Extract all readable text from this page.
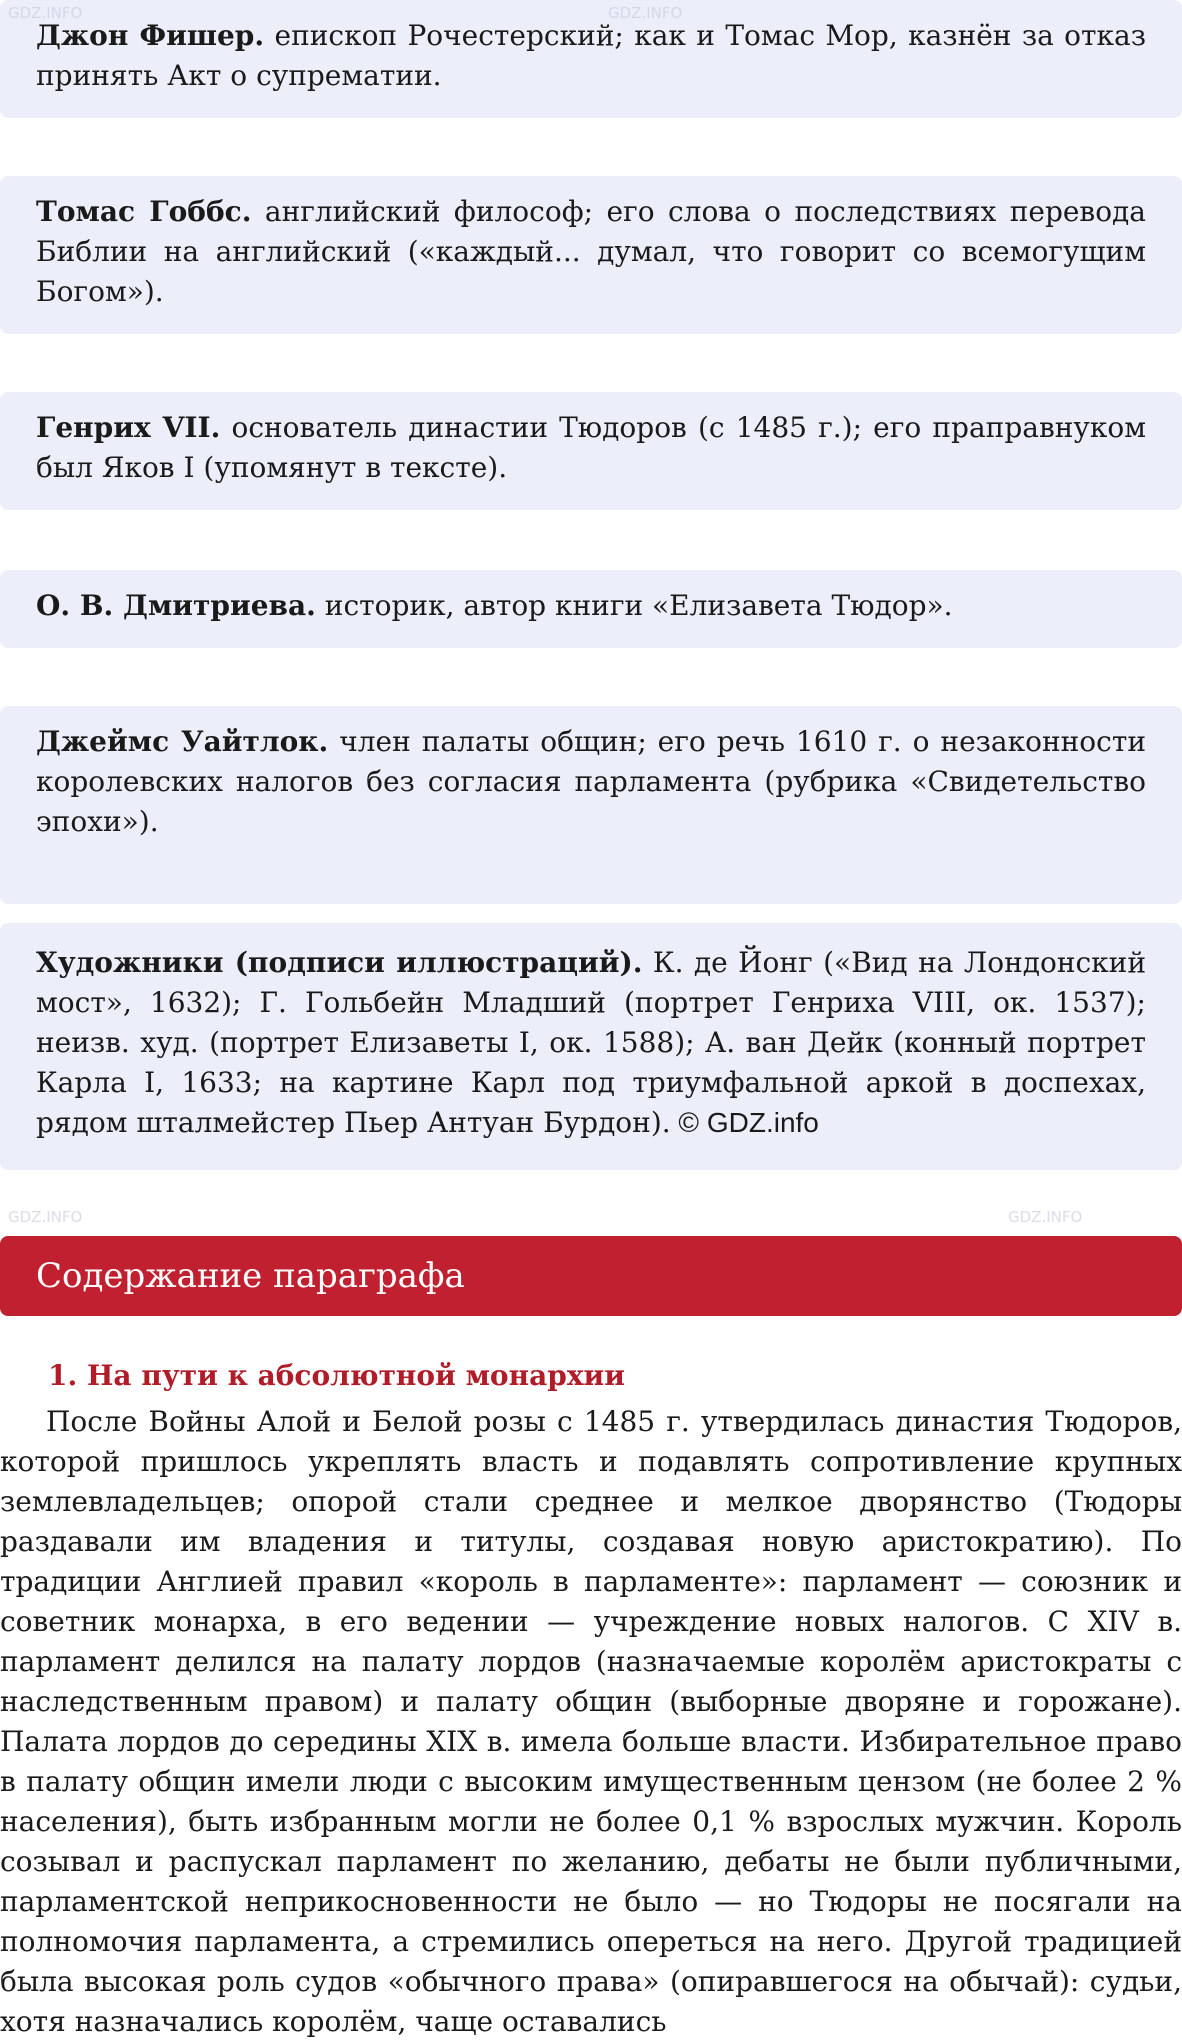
Джон Фишер. епископ Рочестерский; как и Томас Мор, казнён за отказ принять Акт о супрематии.
Томас Гоббс. английский философ; его слова о последствиях перевода Библии на английский («каждый... думал, что говорит со всемогущим Богом»).
Генрих VII. основатель династии Тюдоров (с 1485 г.); его праправнуком был Яков I (упомянут в тексте).
О. В. Дмитриева. историк, автор книги «Елизавета Тюдор».
Джеймс Уайтлок. член палаты общин; его речь 1610 г. о незаконности королевских налогов без согласия парламента (рубрика «Свидетельство эпохи»).
Художники (подписи иллюстраций). К. де Йонг («Вид на Лондонский мост», 1632); Г. Гольбейн Младший (портрет Генриха VIII, ок. 1537); неизв. худ. (портрет Елизаветы I, ок. 1588); А. ван Дейк (конный портрет Карла I, 1633; на картине Карл под триумфальной аркой в доспехах, рядом шталмейстер Пьер Антуан Бурдон). © GDZ.info
Содержание параграфа
1. На пути к абсолютной монархии
После Войны Алой и Белой розы с 1485 г. утвердилась династия Тюдоров, которой пришлось укреплять власть и подавлять сопротивление крупных землевладельцев; опорой стали среднее и мелкое дворянство (Тюдоры раздавали им владения и титулы, создавая новую аристократию). По традиции Англией правил «король в парламенте»: парламент — союзник и советник монарха, в его ведении — учреждение новых налогов. С XIV в. парламент делился на палату лордов (назначаемые королём аристократы с наследственным правом) и палату общин (выборные дворяне и горожане). Палата лордов до середины XIX в. имела больше власти. Избирательное право в палату общин имели люди с высоким имущественным цензом (не более 2 % населения), быть избранным могли не более 0,1 % взрослых мужчин. Король созывал и распускал парламент по желанию, дебаты не были публичными, парламентской неприкосновенности не было — но Тюдоры не посягали на полномочия парламента, а стремились опереться на него. Другой традицией была высокая роль судов «обычного права» (опиравшегося на обычай): судьи, хотя назначались королём, чаще оставались
GDZ.INFO	GDZ.INFO
GDZ.INFO
GDZ.INFO
